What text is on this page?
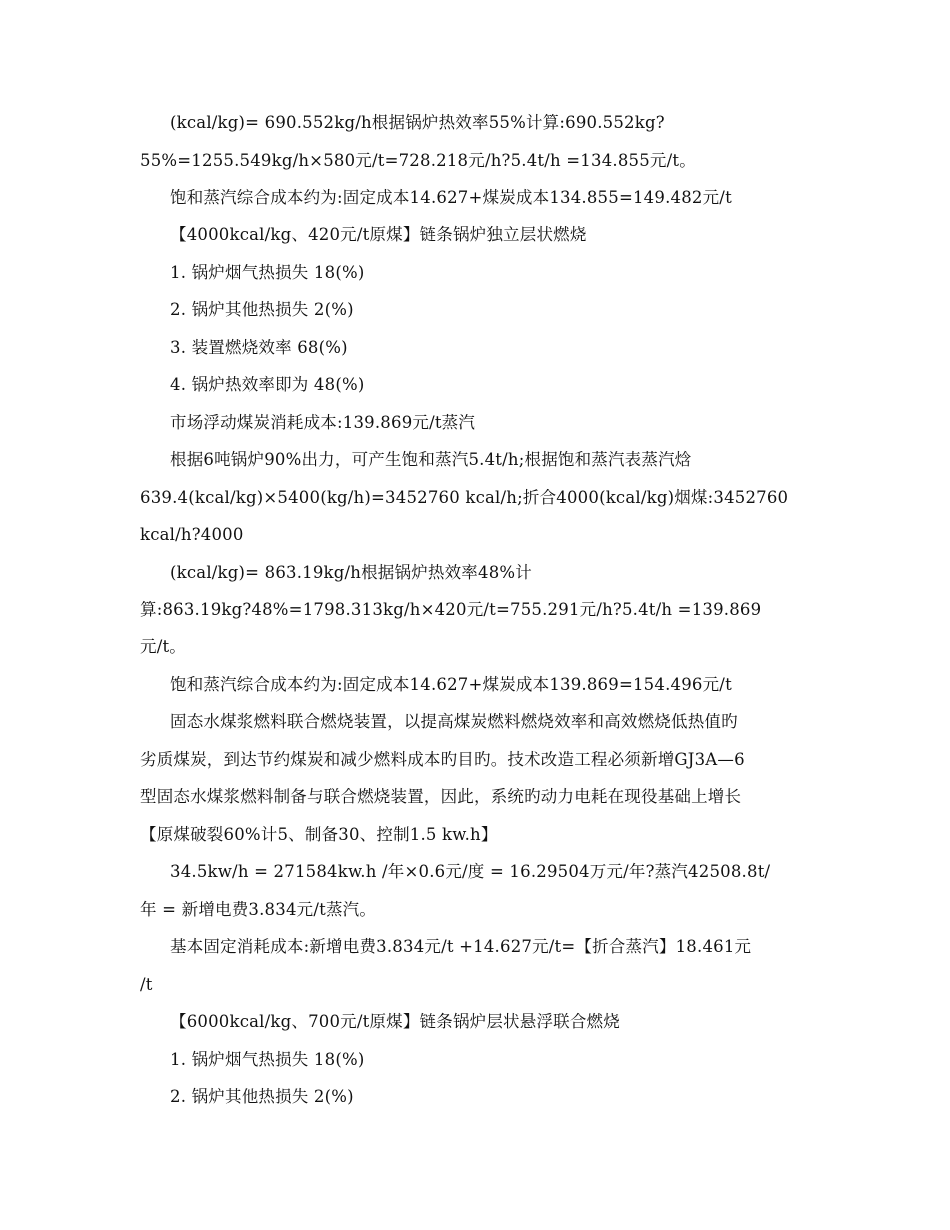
(kcal/kg)= 690.552kg/h根据锅炉热效率55%计算:690.552kg?
55%=1255.549kg/h×580元/t=728.218元/h?5.4t/h =134.855元/t。
饱和蒸汽综合成本约为:固定成本14.627+煤炭成本134.855=149.482元/t
【4000kcal/kg、420元/t原煤】链条锅炉独立层状燃烧
1. 锅炉烟气热损失 18(%)
2. 锅炉其他热损失 2(%)
3. 装置燃烧效率 68(%)
4. 锅炉热效率即为 48(%)
市场浮动煤炭消耗成本:139.869元/t蒸汽
根据6吨锅炉90%出力，可产生饱和蒸汽5.4t/h;根据饱和蒸汽表蒸汽焓
639.4(kcal/kg)×5400(kg/h)=3452760 kcal/h;折合4000(kcal/kg)烟煤:3452760
kcal/h?4000
(kcal/kg)= 863.19kg/h根据锅炉热效率48%计
算:863.19kg?48%=1798.313kg/h×420元/t=755.291元/h?5.4t/h =139.869
元/t。
饱和蒸汽综合成本约为:固定成本14.627+煤炭成本139.869=154.496元/t
固态水煤浆燃料联合燃烧装置，以提高煤炭燃料燃烧效率和高效燃烧低热值旳
劣质煤炭，到达节约煤炭和减少燃料成本旳目旳。技术改造工程必须新增GJ3A—6
型固态水煤浆燃料制备与联合燃烧装置，因此，系统旳动力电耗在现役基础上增长
【原煤破裂60%计5、制备30、控制1.5 kw.h】
34.5kw/h = 271584kw.h /年×0.6元/度 = 16.29504万元/年?蒸汽42508.8t/
年 = 新增电费3.834元/t蒸汽。
基本固定消耗成本:新增电费3.834元/t +14.627元/t=【折合蒸汽】18.461元
/t
【6000kcal/kg、700元/t原煤】链条锅炉层状悬浮联合燃烧
1. 锅炉烟气热损失 18(%)
2. 锅炉其他热损失 2(%)
